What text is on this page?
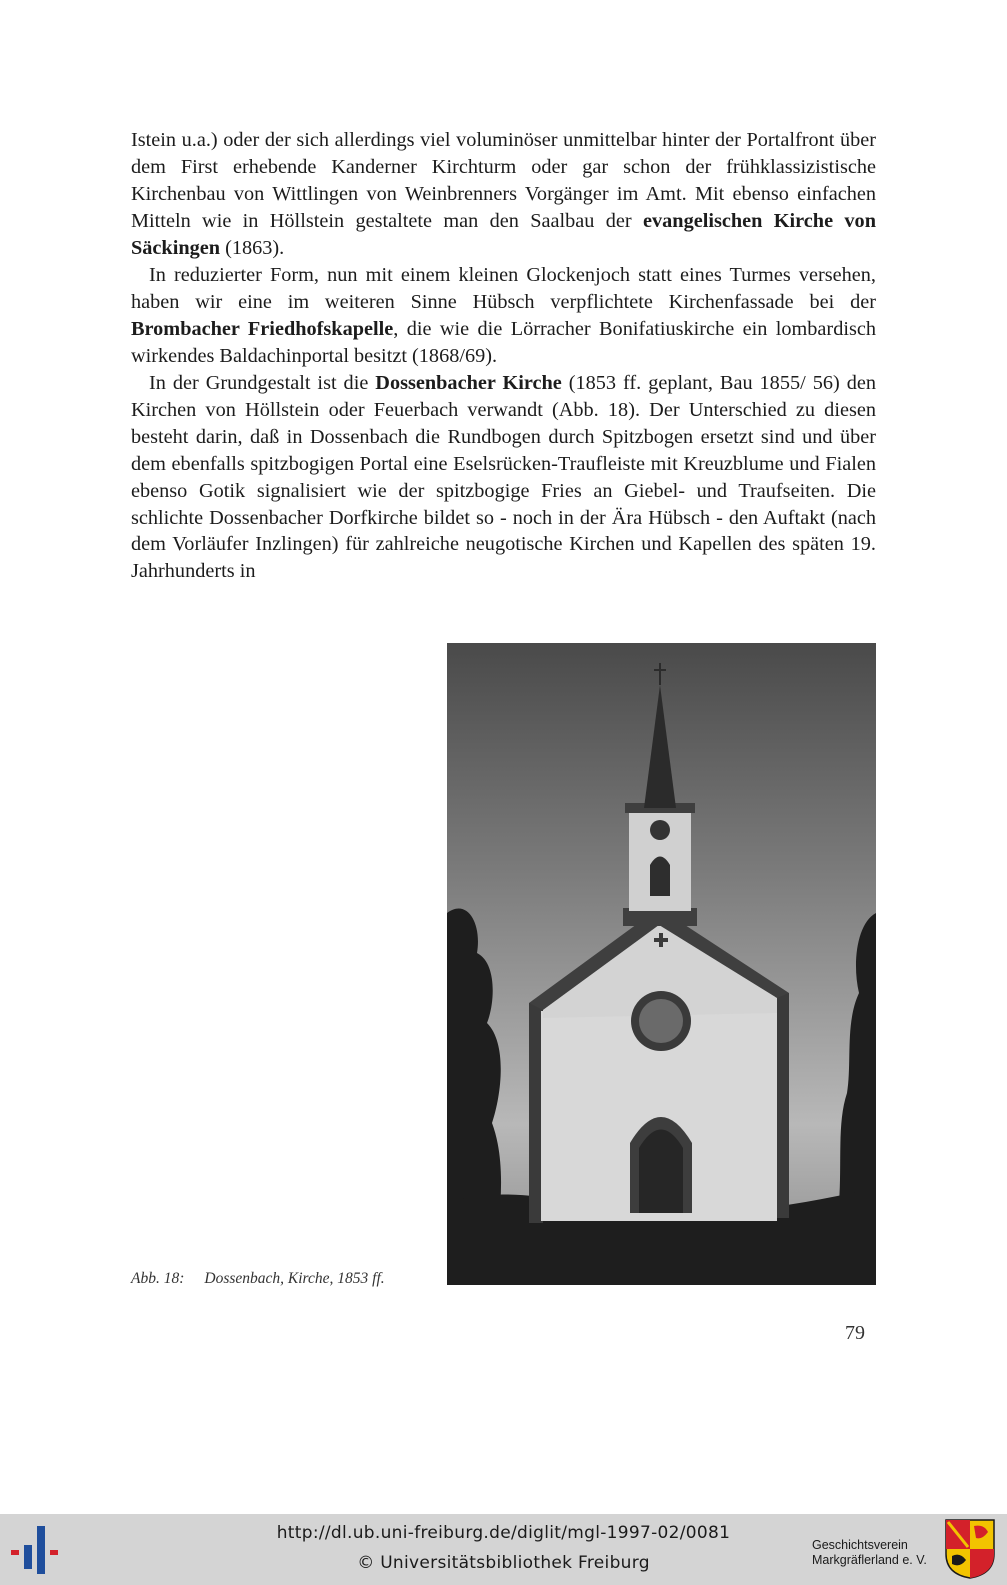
Istein u.a.) oder der sich allerdings viel voluminöser unmittelbar hinter der Portalfront über dem First erhebende Kanderner Kirchturm oder gar schon der frühklassizistische Kirchenbau von Wittlingen von Weinbrenners Vorgänger im Amt. Mit ebenso einfachen Mitteln wie in Höllstein gestaltete man den Saalbau der evangelischen Kirche von Säckingen (1863).

In reduzierter Form, nun mit einem kleinen Glockenjoch statt eines Turmes versehen, haben wir eine im weiteren Sinne Hübsch verpflichtete Kirchenfassade bei der Brombacher Friedhofskapelle, die wie die Lörracher Bonifatiuskirche ein lombardisch wirkendes Baldachinportal besitzt (1868/69).

In der Grundgestalt ist die Dossenbacher Kirche (1853 ff. geplant, Bau 1855/ 56) den Kirchen von Höllstein oder Feuerbach verwandt (Abb. 18). Der Unterschied zu diesen besteht darin, daß in Dossenbach die Rundbogen durch Spitzbogen ersetzt sind und über dem ebenfalls spitzbogigen Portal eine Eselsrücken-Traufleiste mit Kreuzblume und Fialen ebenso Gotik signalisiert wie der spitzbogige Fries an Giebel- und Traufseiten. Die schlichte Dossenbacher Dorfkirche bildet so - noch in der Ära Hübsch - den Auftakt (nach dem Vorläufer Inzlingen) für zahlreiche neugotische Kirchen und Kapellen des späten 19. Jahrhunderts in

Abb. 18: Dossenbach, Kirche, 1853 ff.
79
http://dl.ub.uni-freiburg.de/diglit/mgl-1997-02/0081
© Universitätsbibliothek Freiburg
Geschichtsverein
Markgräflerland e. V.
